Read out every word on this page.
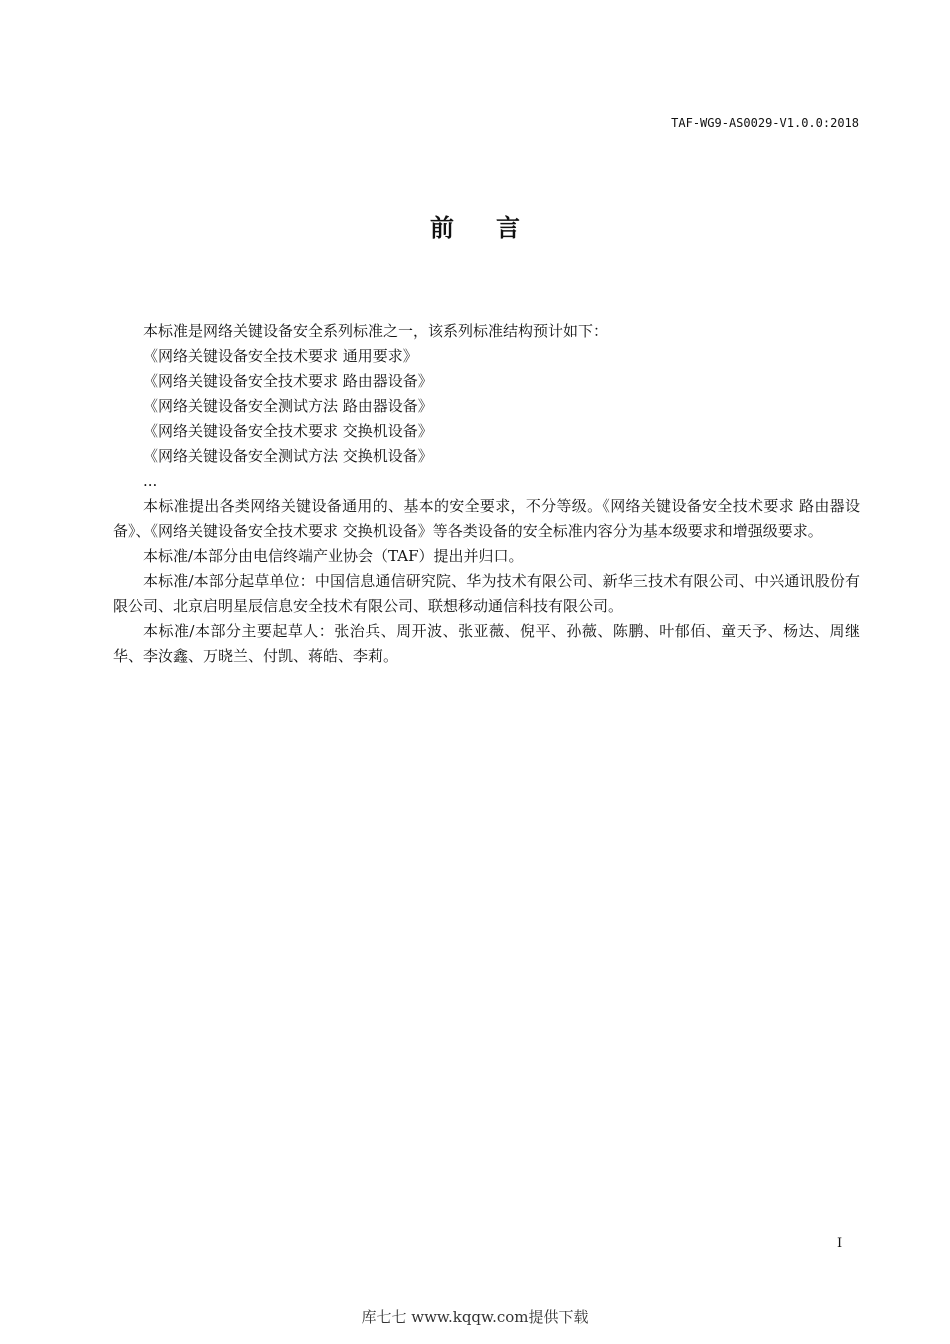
TAF-WG9-AS0029-V1.0.0:2018
前言

本标准是网络关键设备安全系列标准之一，该系列标准结构预计如下：

《网络关键设备安全技术要求 通用要求》
《网络关键设备安全技术要求 路由器设备》
《网络关键设备安全测试方法 路由器设备》
《网络关键设备安全技术要求 交换机设备》
《网络关键设备安全测试方法 交换机设备》
...

本标准提出各类网络关键设备通用的、基本的安全要求，不分等级。《网络关键设备安全技术要求 路由器设备》、《网络关键设备安全技术要求 交换机设备》等各类设备的安全标准内容分为基本级要求和增强级要求。

本标准/本部分由电信终端产业协会（TAF）提出并归口。

本标准/本部分起草单位：中国信息通信研究院、华为技术有限公司、新华三技术有限公司、中兴通讯股份有限公司、北京启明星辰信息安全技术有限公司、联想移动通信科技有限公司。

本标准/本部分主要起草人：张治兵、周开波、张亚薇、倪平、孙薇、陈鹏、叶郁佰、童天予、杨达、周继华、李汝鑫、万晓兰、付凯、蒋皓、李莉。

I
库七七 www.kqqw.com提供下载
